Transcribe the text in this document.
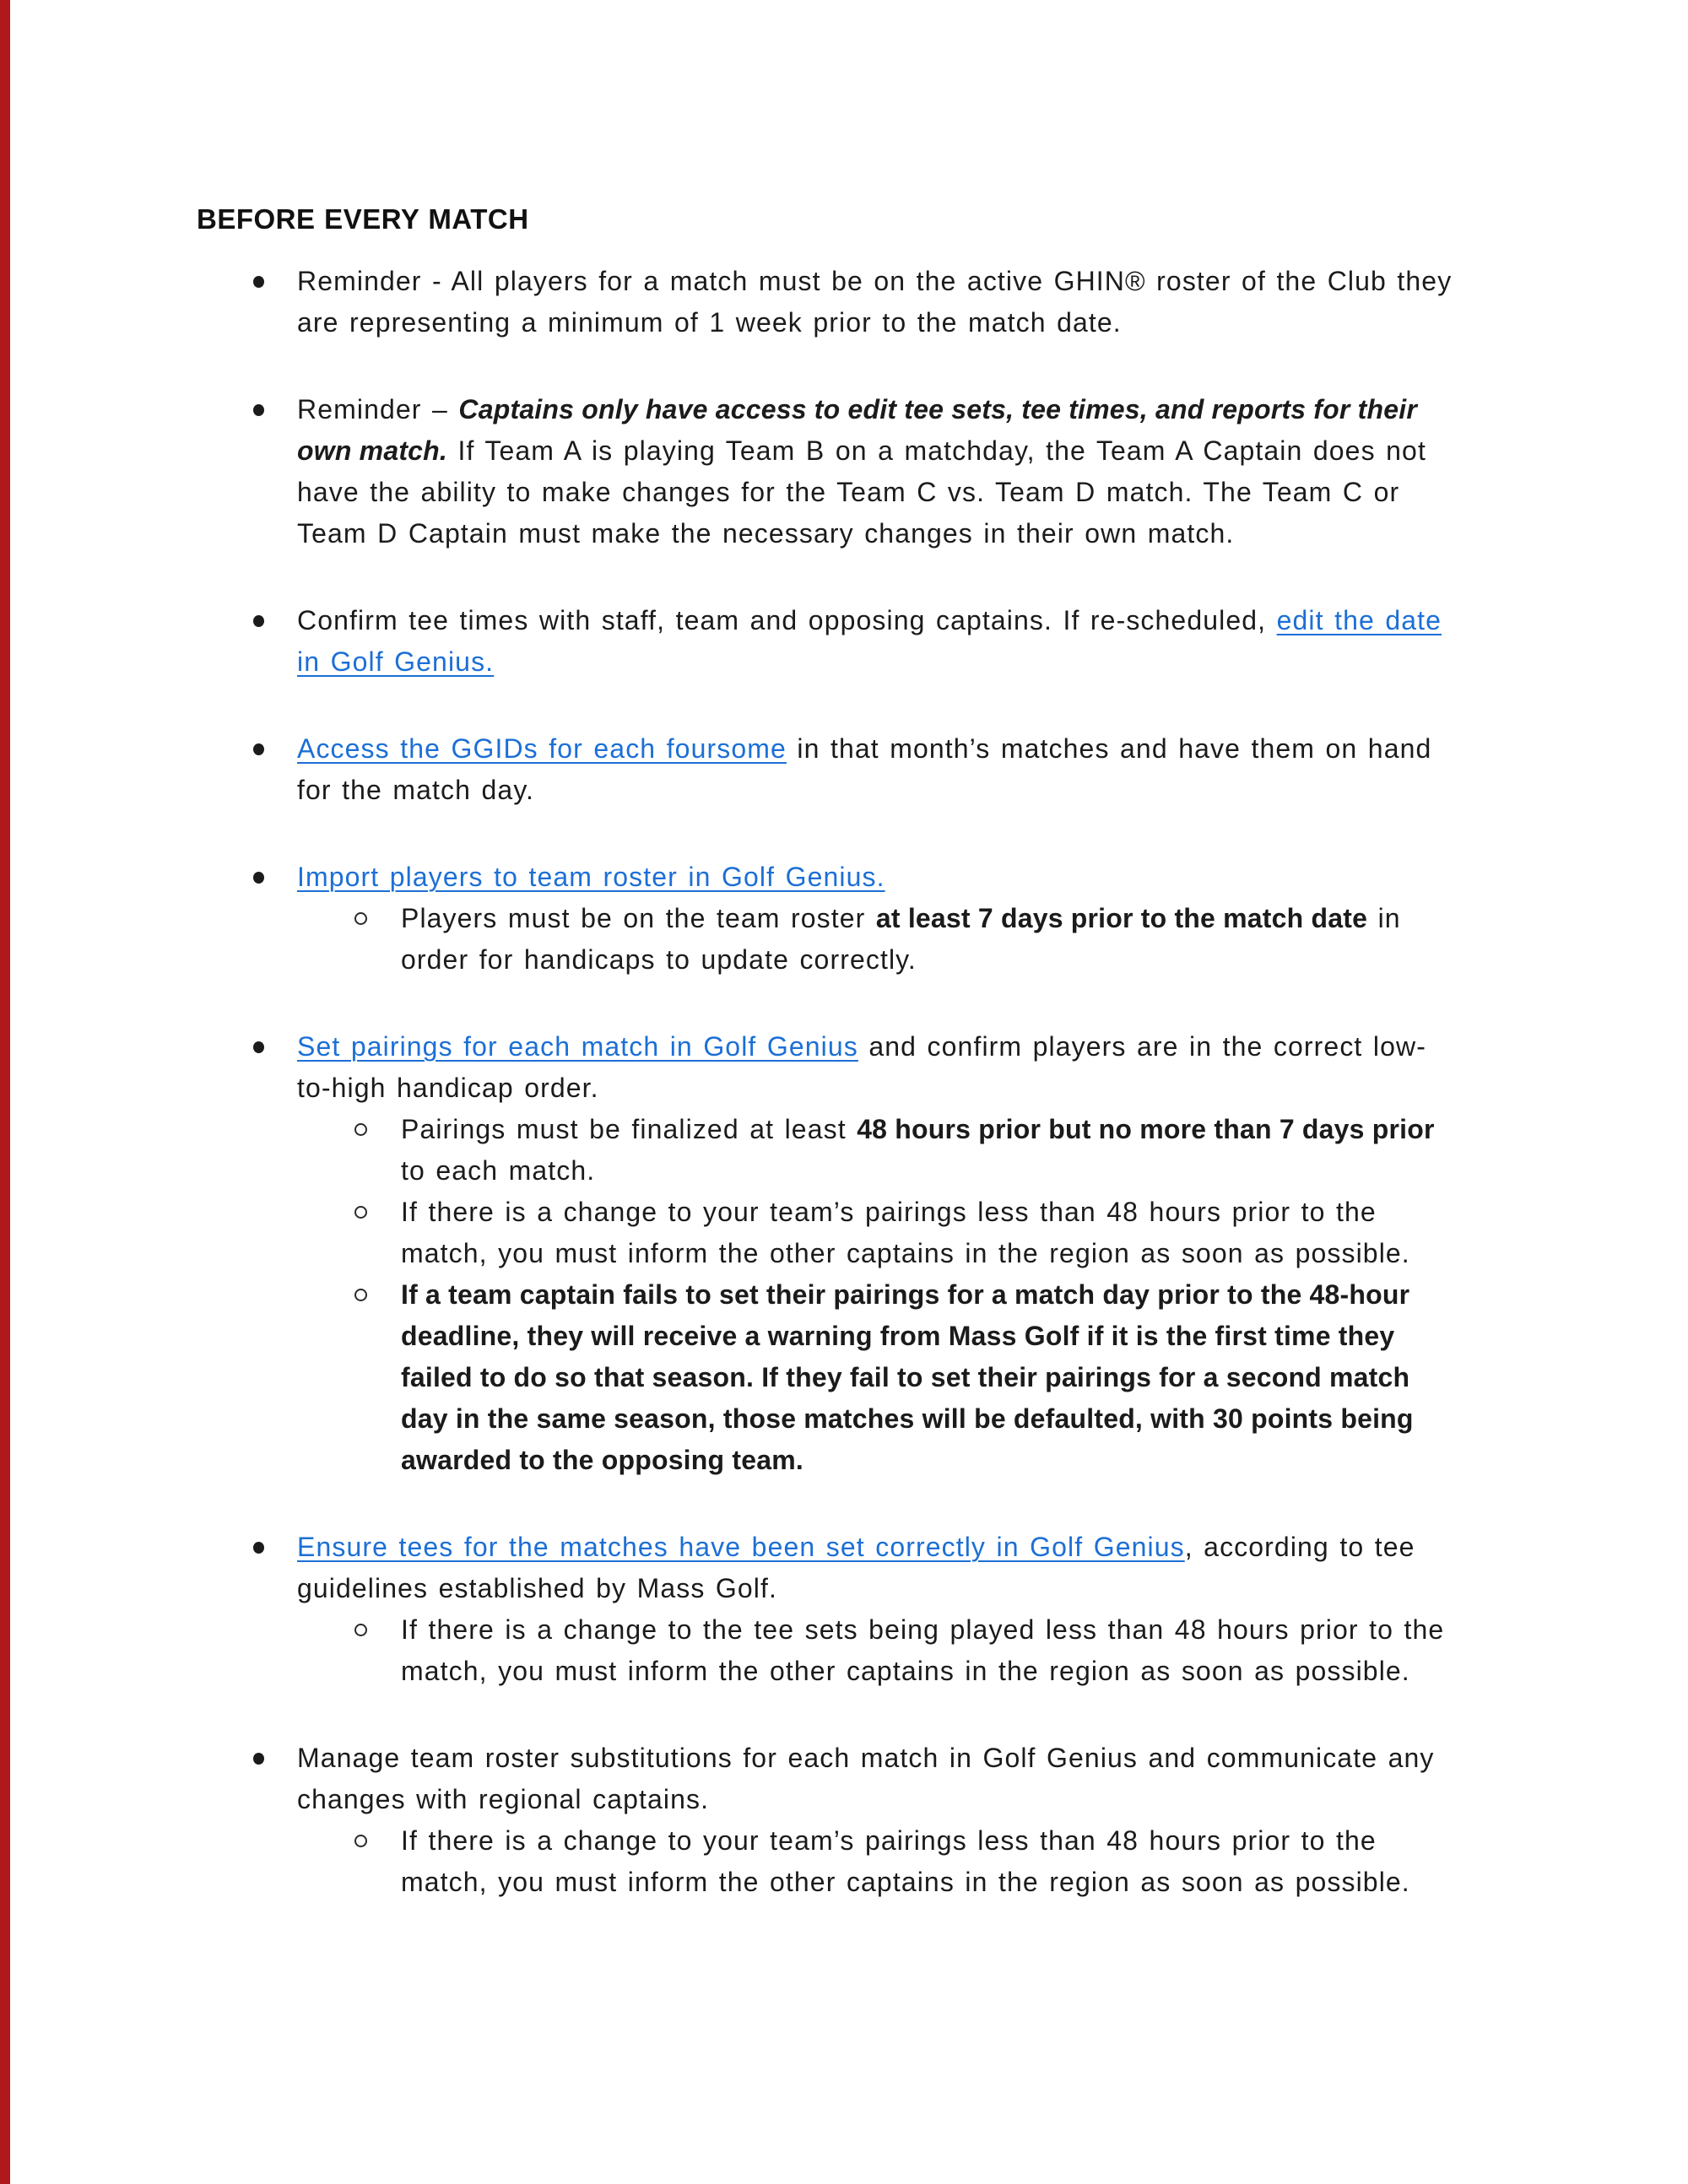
BEFORE EVERY MATCH
Reminder - All players for a match must be on the active GHIN® roster of the Club they
are representing a minimum of 1 week prior to the match date.
Reminder – Captains only have access to edit tee sets, tee times, and reports for their
own match. If Team A is playing Team B on a matchday, the Team A Captain does not
have the ability to make changes for the Team C vs. Team D match. The Team C or
Team D Captain must make the necessary changes in their own match.
Confirm tee times with staff, team and opposing captains. If re-scheduled, edit the date
in Golf Genius.
Access the GGIDs for each foursome in that month’s matches and have them on hand
for the match day.
Import players to team roster in Golf Genius.
Players must be on the team roster at least 7 days prior to the match date in
order for handicaps to update correctly.
Set pairings for each match in Golf Genius and confirm players are in the correct low-
to-high handicap order.
Pairings must be finalized at least 48 hours prior but no more than 7 days prior
to each match.
If there is a change to your team’s pairings less than 48 hours prior to the
match, you must inform the other captains in the region as soon as possible.
If a team captain fails to set their pairings for a match day prior to the 48-hour
deadline, they will receive a warning from Mass Golf if it is the first time they
failed to do so that season. If they fail to set their pairings for a second match
day in the same season, those matches will be defaulted, with 30 points being
awarded to the opposing team.
Ensure tees for the matches have been set correctly in Golf Genius, according to tee
guidelines established by Mass Golf.
If there is a change to the tee sets being played less than 48 hours prior to the
match, you must inform the other captains in the region as soon as possible.
Manage team roster substitutions for each match in Golf Genius and communicate any
changes with regional captains.
If there is a change to your team’s pairings less than 48 hours prior to the
match, you must inform the other captains in the region as soon as possible.
